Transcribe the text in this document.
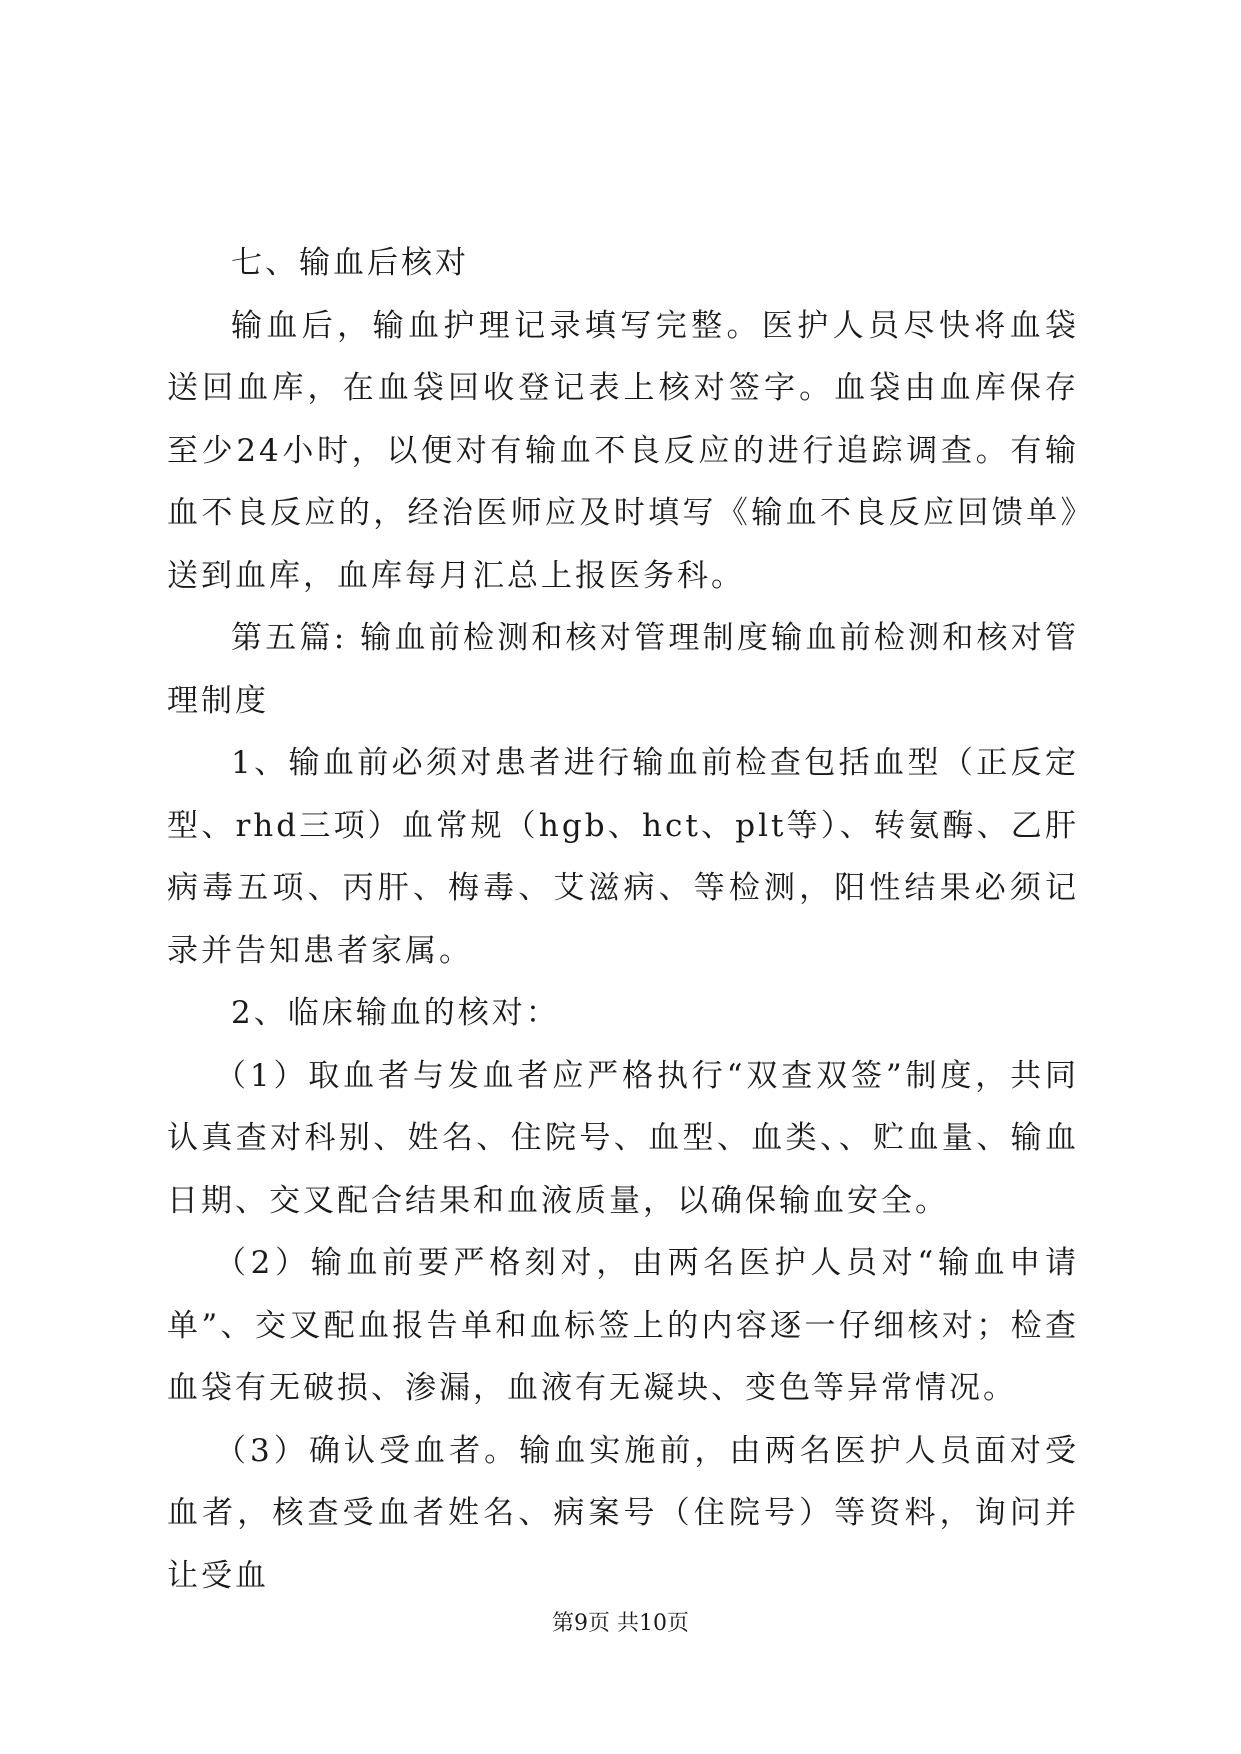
七、输血后核对

输血后，输血护理记录填写完整。医护人员尽快将血袋送回血库，在血袋回收登记表上核对签字。血袋由血库保存至少24小时，以便对有输血不良反应的进行追踪调查。有输血不良反应的，经治医师应及时填写《输血不良反应回馈单》送到血库，血库每月汇总上报医务科。

第五篇: 输血前检测和核对管理制度输血前检测和核对管理制度

1、输血前必须对患者进行输血前检查包括血型（正反定型、rhd三项）血常规（hgb、hct、plt等）、转氨酶、乙肝病毒五项、丙肝、梅毒、艾滋病、等检测，阳性结果必须记录并告知患者家属。

2、临床输血的核对：

（1）取血者与发血者应严格执行“双查双签”制度，共同认真查对科别、姓名、住院号、血型、血类、、贮血量、输血日期、交叉配合结果和血液质量，以确保输血安全。

（2）输血前要严格刻对，由两名医护人员对“输血申请单”、交叉配血报告单和血标签上的内容逐一仔细核对；检查血袋有无破损、渗漏，血液有无凝块、变色等异常情况。

（3）确认受血者。输血实施前，由两名医护人员面对受血者，核查受血者姓名、病案号（住院号）等资料，询问并让受血

第9页 共10页
